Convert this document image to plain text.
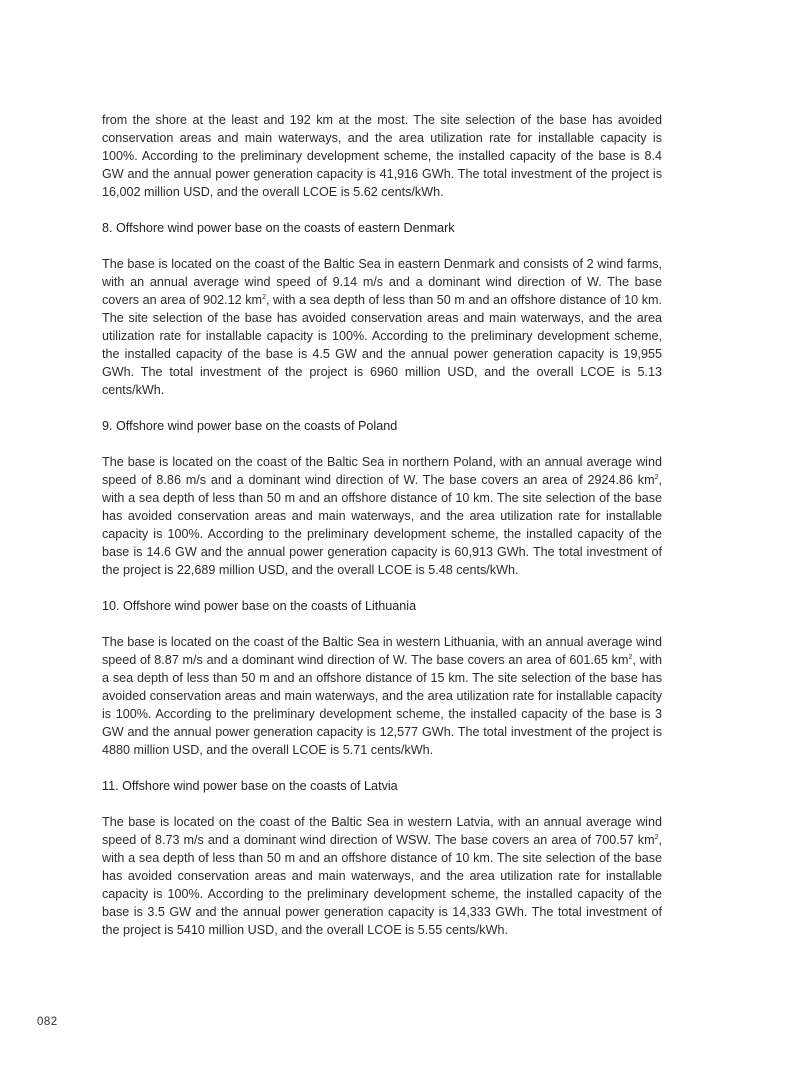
from the shore at the least and 192 km at the most. The site selection of the base has avoided conservation areas and main waterways, and the area utilization rate for installable capacity is 100%. According to the preliminary development scheme, the installed capacity of the base is 8.4 GW and the annual power generation capacity is 41,916 GWh. The total investment of the project is 16,002 million USD, and the overall LCOE is 5.62 cents/kWh.

8. Offshore wind power base on the coasts of eastern Denmark

The base is located on the coast of the Baltic Sea in eastern Denmark and consists of 2 wind farms, with an annual average wind speed of 9.14 m/s and a dominant wind direction of W. The base covers an area of 902.12 $km^2$, with a sea depth of less than 50 m and an offshore distance of 10 km. The site selection of the base has avoided conservation areas and main waterways, and the area utilization rate for installable capacity is 100%. According to the preliminary development scheme, the installed capacity of the base is 4.5 GW and the annual power generation capacity is 19,955 GWh. The total investment of the project is 6960 million USD, and the overall LCOE is 5.13 cents/kWh.

9. Offshore wind power base on the coasts of Poland

The base is located on the coast of the Baltic Sea in northern Poland, with an annual average wind speed of 8.86 m/s and a dominant wind direction of W. The base covers an area of 2924.86 $km^2$, with a sea depth of less than 50 m and an offshore distance of 10 km. The site selection of the base has avoided conservation areas and main waterways, and the area utilization rate for installable capacity is 100%. According to the preliminary development scheme, the installed capacity of the base is 14.6 GW and the annual power generation capacity is 60,913 GWh. The total investment of the project is 22,689 million USD, and the overall LCOE is 5.48 cents/kWh.

10. Offshore wind power base on the coasts of Lithuania

The base is located on the coast of the Baltic Sea in western Lithuania, with an annual average wind speed of 8.87 m/s and a dominant wind direction of W. The base covers an area of 601.65 $km^2$, with a sea depth of less than 50 m and an offshore distance of 15 km. The site selection of the base has avoided conservation areas and main waterways, and the area utilization rate for installable capacity is 100%. According to the preliminary development scheme, the installed capacity of the base is 3 GW and the annual power generation capacity is 12,577 GWh. The total investment of the project is 4880 million USD, and the overall LCOE is 5.71 cents/kWh.

11. Offshore wind power base on the coasts of Latvia

The base is located on the coast of the Baltic Sea in western Latvia, with an annual average wind speed of 8.73 m/s and a dominant wind direction of WSW. The base covers an area of 700.57 $km^2$, with a sea depth of less than 50 m and an offshore distance of 10 km. The site selection of the base has avoided conservation areas and main waterways, and the area utilization rate for installable capacity is 100%. According to the preliminary development scheme, the installed capacity of the base is 3.5 GW and the annual power generation capacity is 14,333 GWh. The total investment of the project is 5410 million USD, and the overall LCOE is 5.55 cents/kWh.

082
